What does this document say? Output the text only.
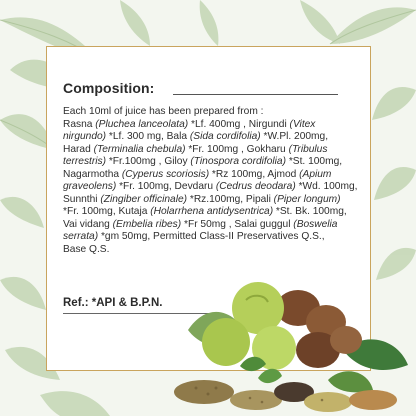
Composition:

Each 10ml of juice has been prepared from :

Rasna (Pluchea lanceolata) *Lf. 400mg , Nirgundi (Vitex

nirgundo) *Lf. 300 mg, Bala (Sida cordifolia) *W.Pl. 200mg,

Harad (Terminalia chebula) *Fr. 100mg , Gokharu (Tribulus

terrestris) *Fr.100mg , Giloy (Tinospora cordifolia) *St. 100mg,

Nagarmotha (Cyperus scoriosis) *Rz 100mg, Ajmod (Apium

graveolens) *Fr. 100mg, Devdaru (Cedrus deodara) *Wd. 100mg,

Sunnthi (Zingiber officinale) *Rz.100mg, Pipali (Piper longum)

*Fr. 100mg, Kutaja (Holarrhena antidysentrica) *St. Bk. 100mg,

Vai vidang (Embelia ribes) *Fr 50mg , Salai guggul (Boswelia

serrata) *gm 50mg, Permitted Class-II Preservatives Q.S.,

Base Q.S.

Ref.: *API & B.P.N.
